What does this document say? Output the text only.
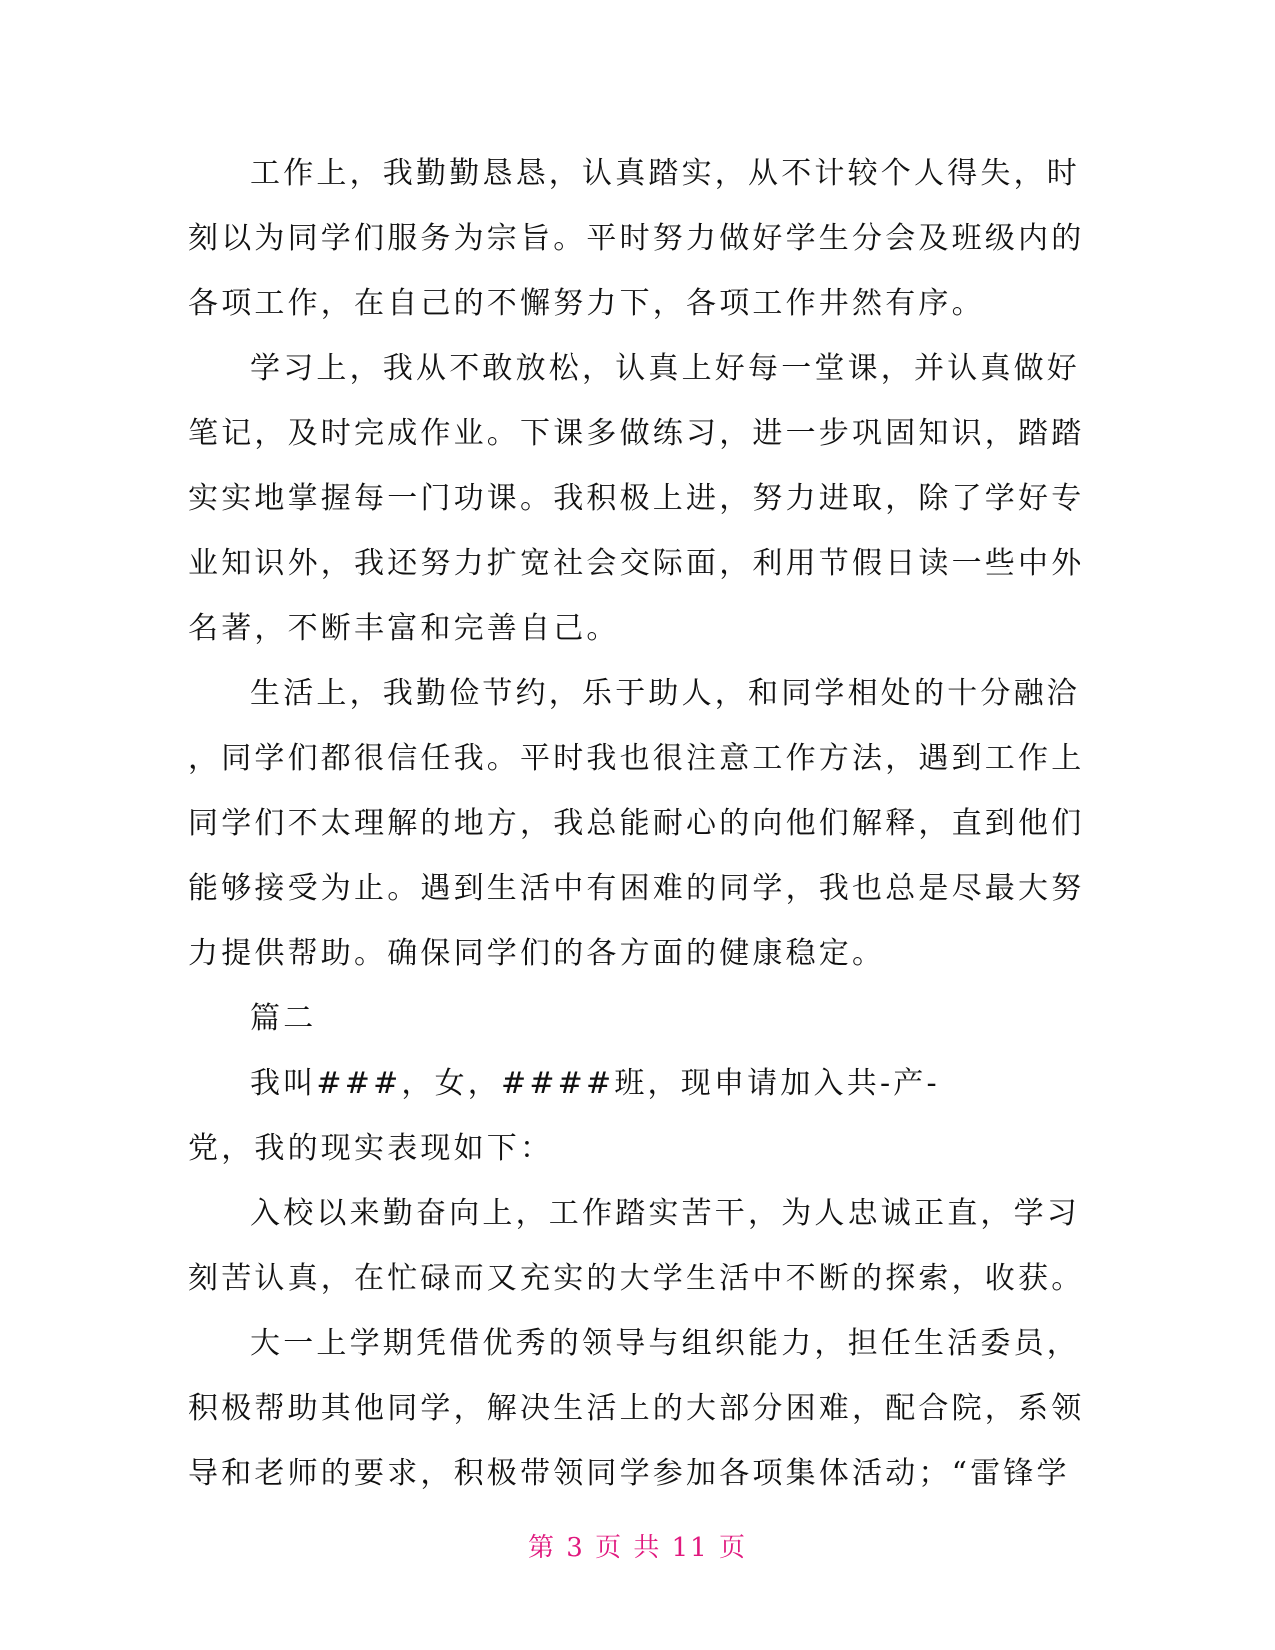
工作上，我勤勤恳恳，认真踏实，从不计较个人得失，时
刻以为同学们服务为宗旨。平时努力做好学生分会及班级内的
各项工作，在自己的不懈努力下，各项工作井然有序。
学习上，我从不敢放松，认真上好每一堂课，并认真做好
笔记，及时完成作业。下课多做练习，进一步巩固知识，踏踏
实实地掌握每一门功课。我积极上进，努力进取，除了学好专
业知识外，我还努力扩宽社会交际面，利用节假日读一些中外
名著，不断丰富和完善自己。
生活上，我勤俭节约，乐于助人，和同学相处的十分融洽
，同学们都很信任我。平时我也很注意工作方法，遇到工作上
同学们不太理解的地方，我总能耐心的向他们解释，直到他们
能够接受为止。遇到生活中有困难的同学，我也总是尽最大努
力提供帮助。确保同学们的各方面的健康稳定。
篇二
我叫###，女，####班，现申请加入共-产-
党，我的现实表现如下：
入校以来勤奋向上，工作踏实苦干，为人忠诚正直，学习
刻苦认真，在忙碌而又充实的大学生活中不断的探索，收获。
大一上学期凭借优秀的领导与组织能力，担任生活委员，
积极帮助其他同学，解决生活上的大部分困难，配合院，系领
导和老师的要求，积极带领同学参加各项集体活动；“雷锋学
第 3 页 共 11 页
